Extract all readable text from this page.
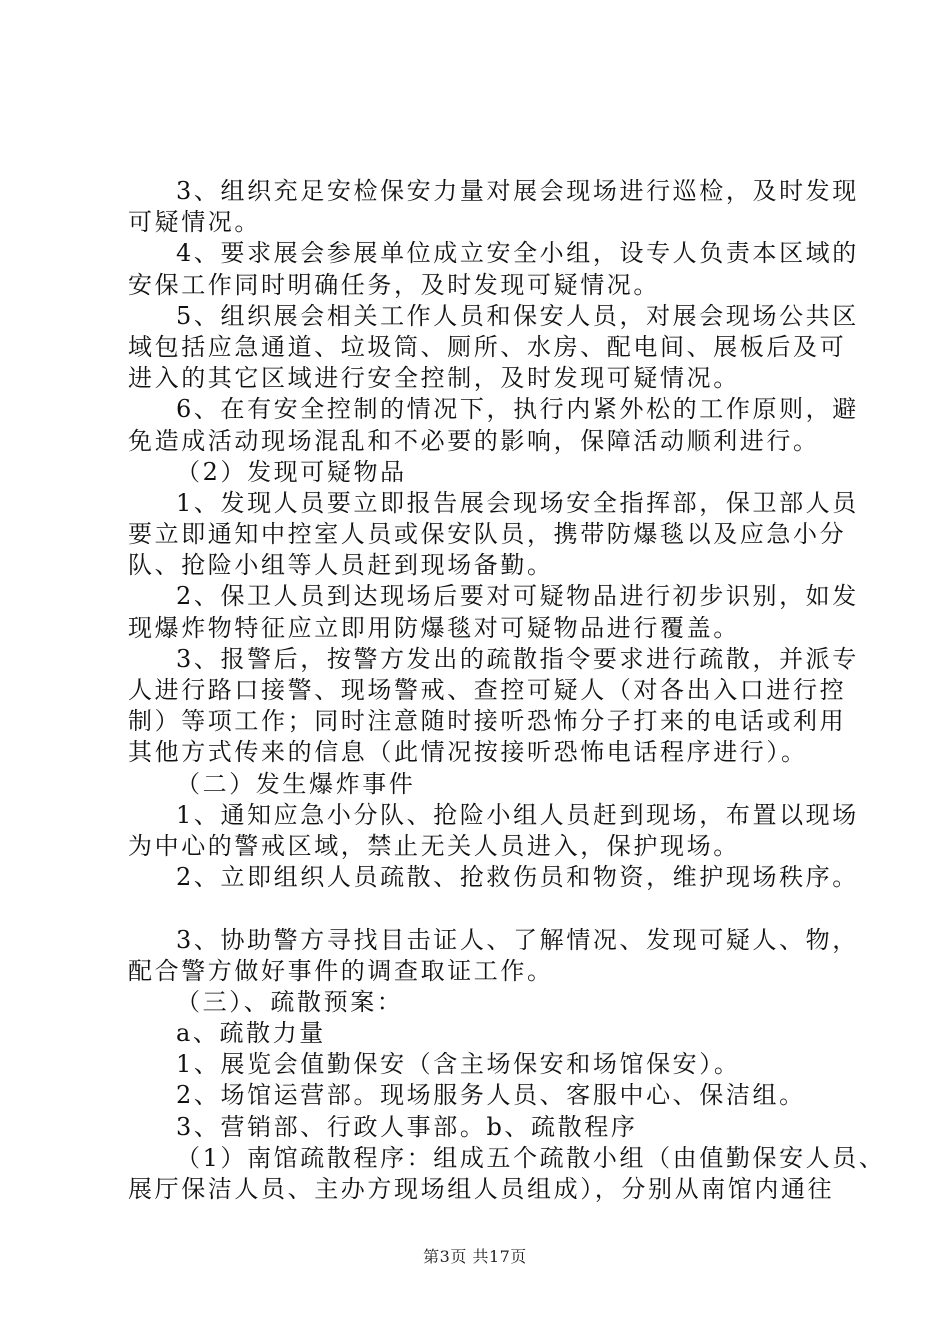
3、组织充足安检保安力量对展会现场进行巡检，及时发现
可疑情况。
4、要求展会参展单位成立安全小组，设专人负责本区域的
安保工作同时明确任务，及时发现可疑情况。
5、组织展会相关工作人员和保安人员，对展会现场公共区
域包括应急通道、垃圾筒、厕所、水房、配电间、展板后及可
进入的其它区域进行安全控制，及时发现可疑情况。
6、在有安全控制的情况下，执行内紧外松的工作原则，避
免造成活动现场混乱和不必要的影响，保障活动顺利进行。
（2）发现可疑物品
1、发现人员要立即报告展会现场安全指挥部，保卫部人员
要立即通知中控室人员或保安队员，携带防爆毯以及应急小分
队、抢险小组等人员赶到现场备勤。
2、保卫人员到达现场后要对可疑物品进行初步识别，如发
现爆炸物特征应立即用防爆毯对可疑物品进行覆盖。
3、报警后，按警方发出的疏散指令要求进行疏散，并派专
人进行路口接警、现场警戒、查控可疑人（对各出入口进行控
制）等项工作；同时注意随时接听恐怖分子打来的电话或利用
其他方式传来的信息（此情况按接听恐怖电话程序进行）。
（二）发生爆炸事件
1、通知应急小分队、抢险小组人员赶到现场，布置以现场
为中心的警戒区域，禁止无关人员进入，保护现场。
2、立即组织人员疏散、抢救伤员和物资，维护现场秩序。
3、协助警方寻找目击证人、了解情况、发现可疑人、物，
配合警方做好事件的调查取证工作。
（三）、疏散预案：
a、疏散力量
1、展览会值勤保安（含主场保安和场馆保安）。
2、场馆运营部。现场服务人员、客服中心、保洁组。
3、营销部、行政人事部。b、疏散程序
（1）南馆疏散程序：组成五个疏散小组（由值勤保安人员、
展厅保洁人员、主办方现场组人员组成），分别从南馆内通往
第3页 共17页
